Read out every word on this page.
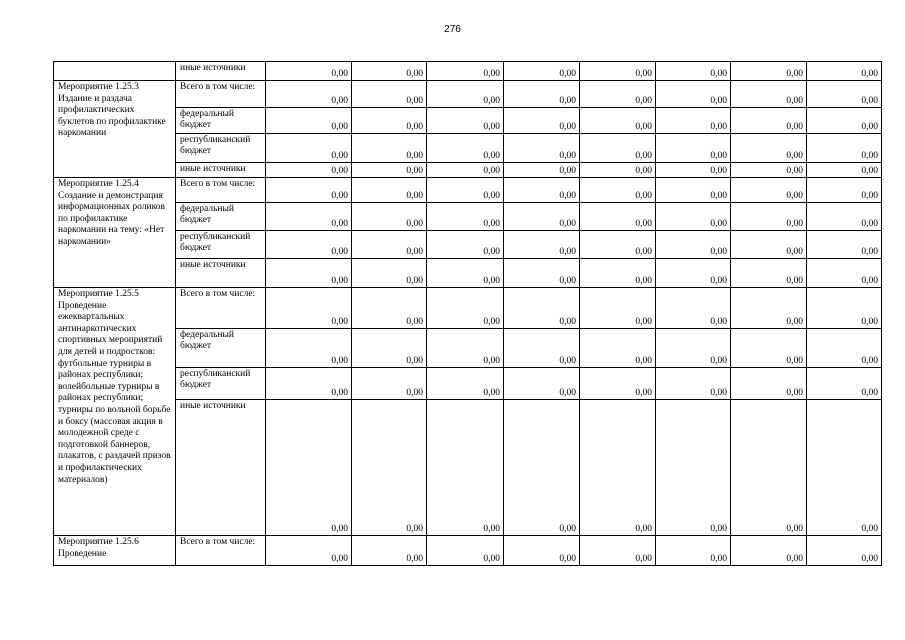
276
	иные источники	0,00	0,00	0,00	0,00	0,00	0,00	0,00	0,00
Мероприятие 1.25.3 Издание и раздача профилактических буклетов по профилактике наркомании	Всего в том числе:	0,00	0,00	0,00	0,00	0,00	0,00	0,00	0,00
	федеральный бюджет	0,00	0,00	0,00	0,00	0,00	0,00	0,00	0,00
	республиканский бюджет	0,00	0,00	0,00	0,00	0,00	0,00	0,00	0,00
	иные источники	0,00	0,00	0,00	0,00	0,00	0,00	0,00	0,00
Мероприятие 1.25.4 Создание и демонстрация информационных роликов по профилактике наркомании на тему: «Нет наркомании»	Всего в том числе:	0,00	0,00	0,00	0,00	0,00	0,00	0,00	0,00
	федеральный бюджет	0,00	0,00	0,00	0,00	0,00	0,00	0,00	0,00
	республиканский бюджет	0,00	0,00	0,00	0,00	0,00	0,00	0,00	0,00
	иные источники	0,00	0,00	0,00	0,00	0,00	0,00	0,00	0,00
Мероприятие 1.25.5 Проведение ежеквартальных антинаркотических спортивных мероприятий для детей и подростков: футбольные турниры в районах республики; волейбольные турниры в районах республики; турниры по вольной борьбе и боксу (массовая акция в молодежной среде с подготовкой баннеров, плакатов, с раздачей призов и профилактических материалов)	Всего в том числе:	0,00	0,00	0,00	0,00	0,00	0,00	0,00	0,00
	федеральный бюджет	0,00	0,00	0,00	0,00	0,00	0,00	0,00	0,00
	республиканский бюджет	0,00	0,00	0,00	0,00	0,00	0,00	0,00	0,00
	иные источники	0,00	0,00	0,00	0,00	0,00	0,00	0,00	0,00
Мероприятие 1.25.6 Проведение	Всего в том числе:	0,00	0,00	0,00	0,00	0,00	0,00	0,00	0,00
